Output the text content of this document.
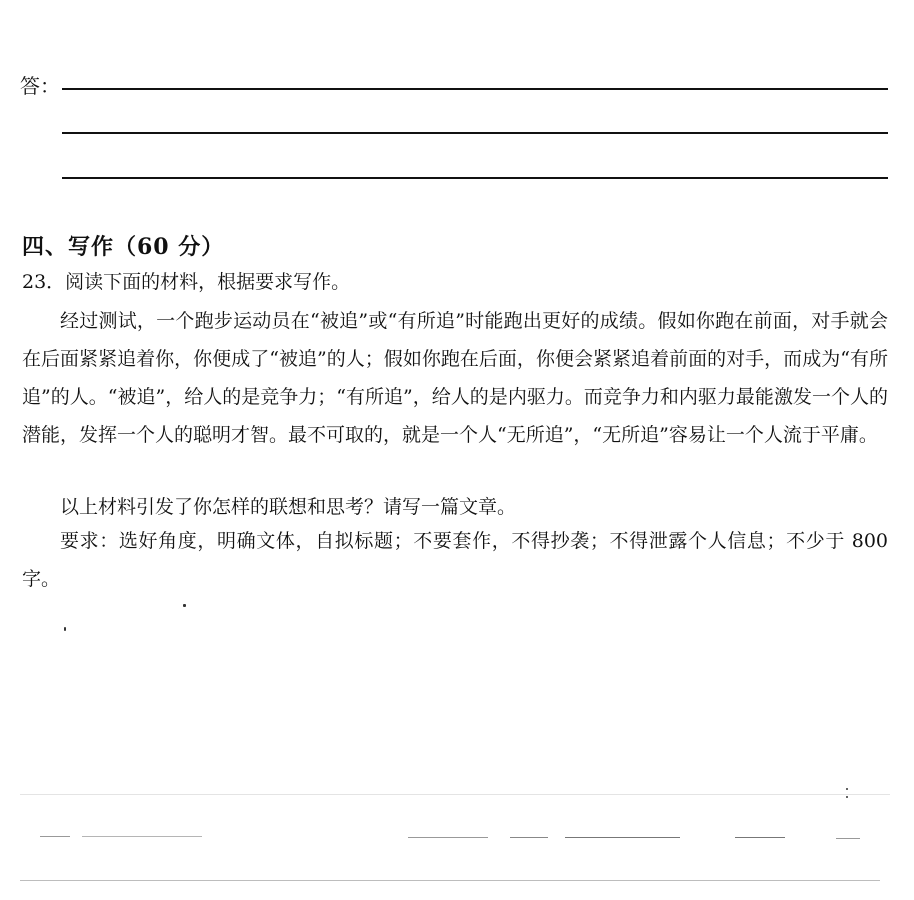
答：
四、写作（60 分）
23．阅读下面的材料，根据要求写作。
经过测试，一个跑步运动员在“被追”或“有所追”时能跑出更好的成绩。假如你跑在前面，对手就会在后面紧紧追着你，你便成了“被追”的人；假如你跑在后面，你便会紧紧追着前面的对手，而成为“有所追”的人。“被追”，给人的是竞争力；“有所追”，给人的是内驱力。而竞争力和内驱力最能激发一个人的潜能，发挥一个人的聪明才智。最不可取的，就是一个人“无所追”，“无所追”容易让一个人流于平庸。
以上材料引发了你怎样的联想和思考？请写一篇文章。
要求：选好角度，明确文体，自拟标题；不要套作，不得抄袭；不得泄露个人信息；不少于 800 字。
